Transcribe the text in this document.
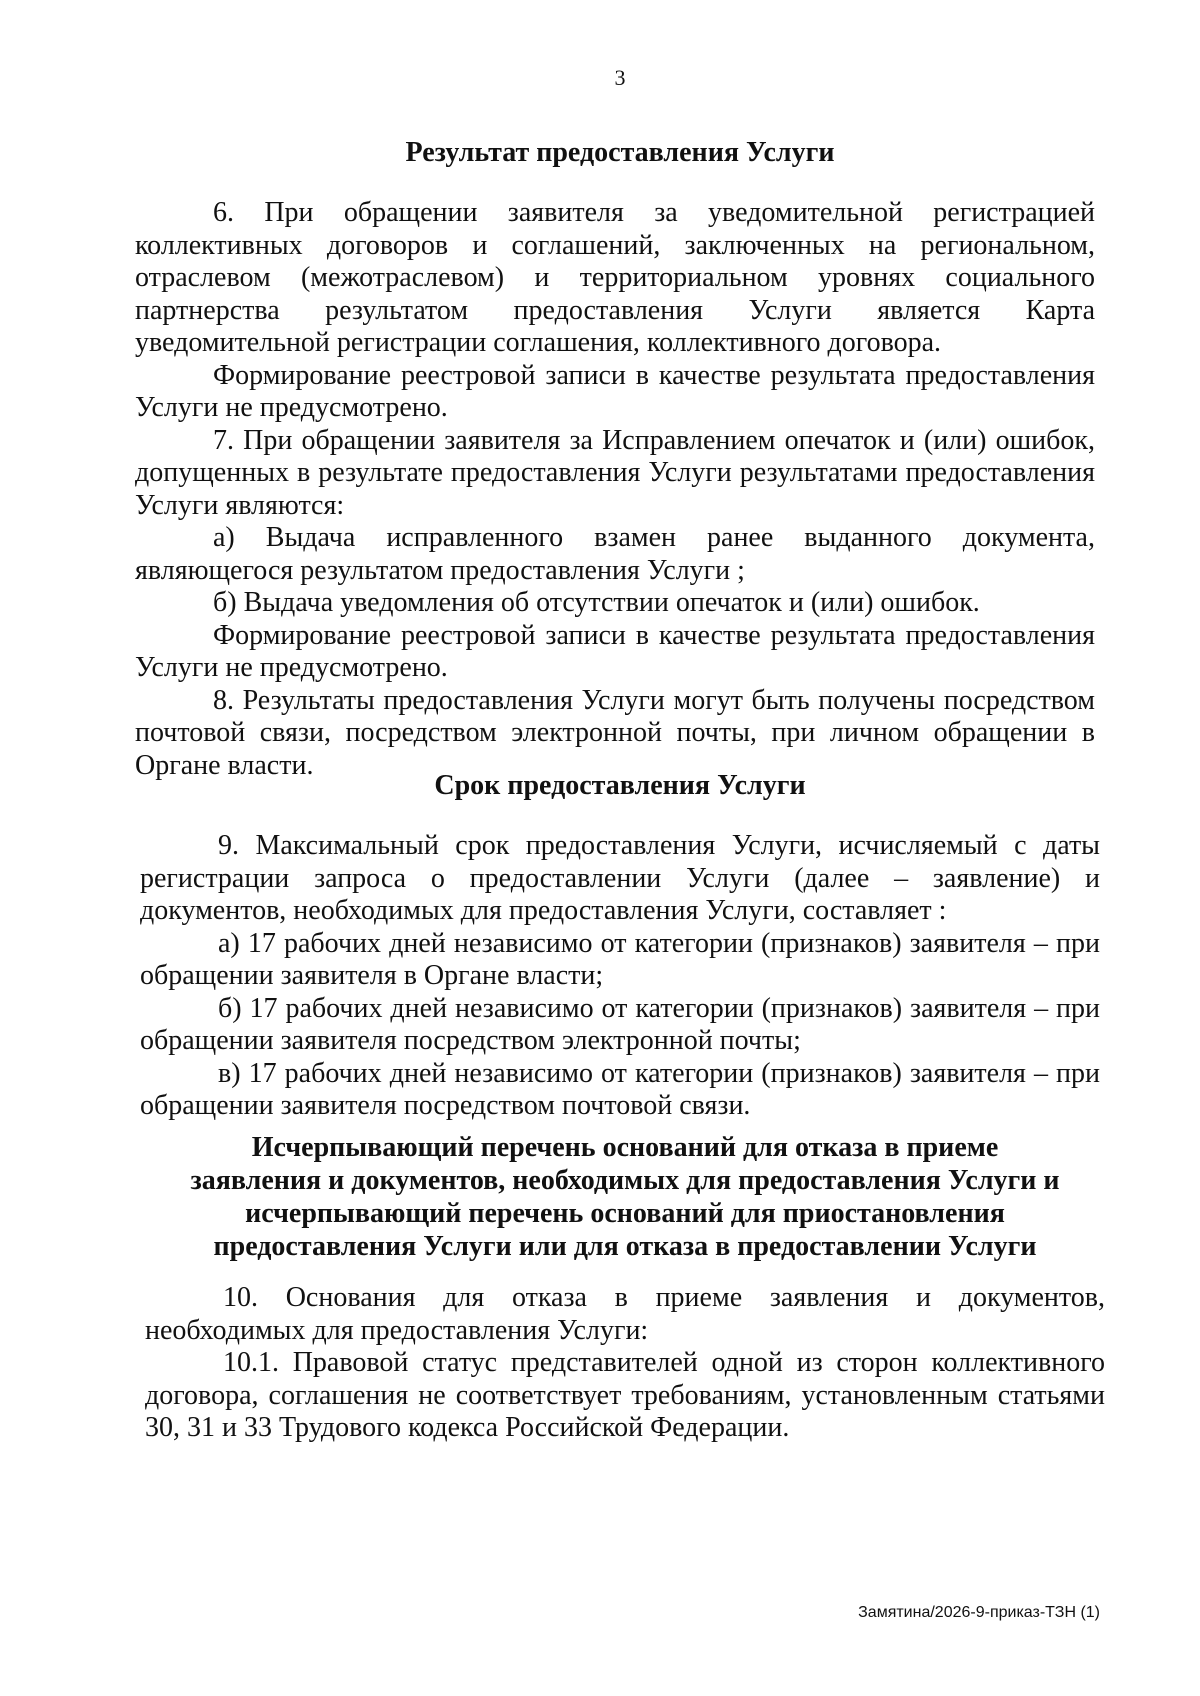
3
Результат предоставления Услуги

6. При обращении заявителя за уведомительной регистрацией коллективных договоров и соглашений, заключенных на региональном, отраслевом (межотраслевом) и территориальном уровнях социального партнерства результатом предоставления Услуги является Карта уведомительной регистрации соглашения, коллективного договора.

Формирование реестровой записи в качестве результата предоставления Услуги не предусмотрено.

7. При обращении заявителя за Исправлением опечаток и (или) ошибок, допущенных в результате предоставления Услуги результатами предоставления Услуги являются:

а) Выдача исправленного взамен ранее выданного документа, являющегося результатом предоставления Услуги ;

б) Выдача уведомления об отсутствии опечаток и (или) ошибок.

Формирование реестровой записи в качестве результата предоставления Услуги не предусмотрено.

8. Результаты предоставления Услуги могут быть получены посредством почтовой связи, посредством электронной почты, при личном обращении в Органе власти.

Срок предоставления Услуги

9. Максимальный срок предоставления Услуги, исчисляемый с даты регистрации запроса о предоставлении Услуги (далее – заявление) и документов, необходимых для предоставления Услуги, составляет :

а) 17 рабочих дней независимо от категории (признаков) заявителя – при обращении заявителя в Органе власти;

б) 17 рабочих дней независимо от категории (признаков) заявителя – при обращении заявителя посредством электронной почты;

в) 17 рабочих дней независимо от категории (признаков) заявителя – при обращении заявителя посредством почтовой связи.

Исчерпывающий перечень оснований для отказа в приеме
заявления и документов, необходимых для предоставления Услуги и
исчерпывающий перечень оснований для приостановления
предоставления Услуги или для отказа в предоставлении Услуги

10. Основания для отказа в приеме заявления и документов, необходимых для предоставления Услуги:

10.1. Правовой статус представителей одной из сторон коллективного договора, соглашения не соответствует требованиям, установленным статьями 30, 31 и 33 Трудового кодекса Российской Федерации.

Замятина/2026-9-приказ-ТЗН (1)
